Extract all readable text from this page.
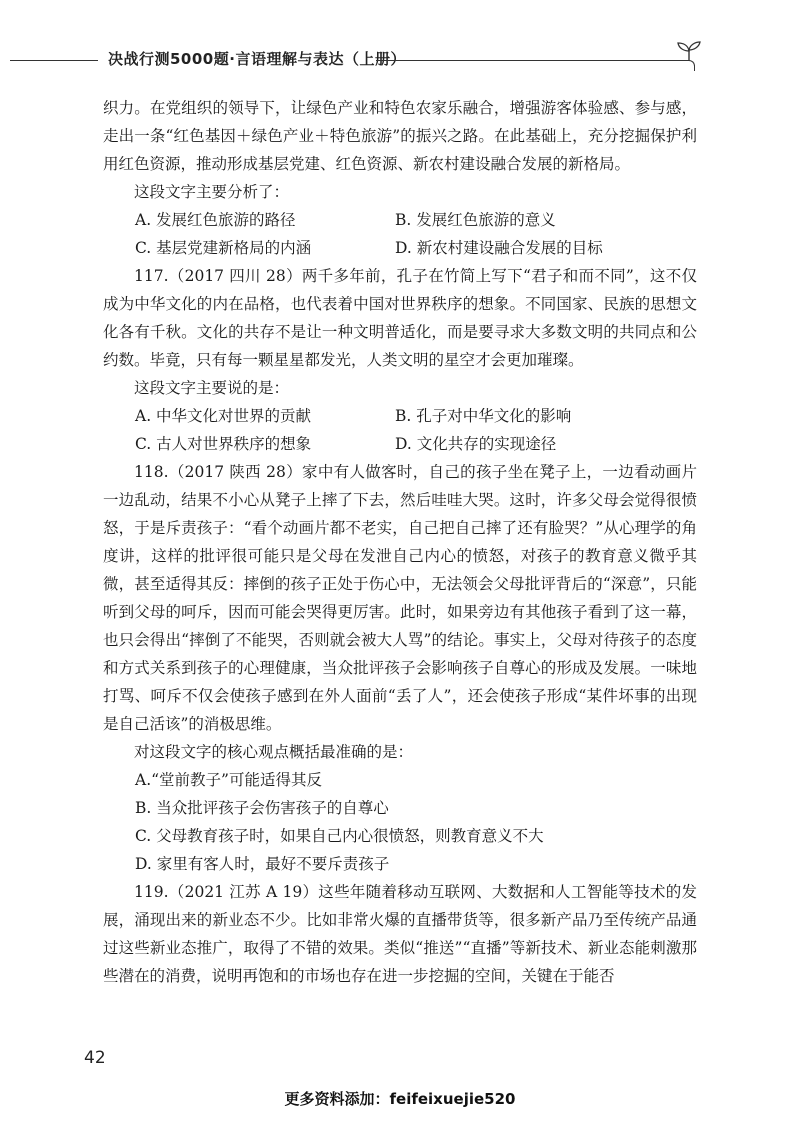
决战行测5000题·言语理解与表达（上册）

织力。在党组织的领导下，让绿色产业和特色农家乐融合，增强游客体验感、参与感，走出一条“红色基因＋绿色产业＋特色旅游”的振兴之路。在此基础上，充分挖掘保护利用红色资源，推动形成基层党建、红色资源、新农村建设融合发展的新格局。

这段文字主要分析了：

A. 发展红色旅游的路径	B. 发展红色旅游的意义
C. 基层党建新格局的内涵	D. 新农村建设融合发展的目标

117.（2017 四川 28）两千多年前，孔子在竹简上写下“君子和而不同”，这不仅成为中华文化的内在品格，也代表着中国对世界秩序的想象。不同国家、民族的思想文化各有千秋。文化的共存不是让一种文明普适化，而是要寻求大多数文明的共同点和公约数。毕竟，只有每一颗星星都发光，人类文明的星空才会更加璀璨。

这段文字主要说的是：

A. 中华文化对世界的贡献	B. 孔子对中华文化的影响
C. 古人对世界秩序的想象	D. 文化共存的实现途径

118.（2017 陕西 28）家中有人做客时，自己的孩子坐在凳子上，一边看动画片一边乱动，结果不小心从凳子上摔了下去，然后哇哇大哭。这时，许多父母会觉得很愤怒，于是斥责孩子：“看个动画片都不老实，自己把自己摔了还有脸哭？”从心理学的角度讲，这样的批评很可能只是父母在发泄自己内心的愤怒，对孩子的教育意义微乎其微，甚至适得其反：摔倒的孩子正处于伤心中，无法领会父母批评背后的“深意”，只能听到父母的呵斥，因而可能会哭得更厉害。此时，如果旁边有其他孩子看到了这一幕，也只会得出“摔倒了不能哭，否则就会被大人骂”的结论。事实上，父母对待孩子的态度和方式关系到孩子的心理健康，当众批评孩子会影响孩子自尊心的形成及发展。一味地打骂、呵斥不仅会使孩子感到在外人面前“丢了人”，还会使孩子形成“某件坏事的出现是自己活该”的消极思维。

对这段文字的核心观点概括最准确的是：

A.“堂前教子”可能适得其反

B. 当众批评孩子会伤害孩子的自尊心

C. 父母教育孩子时，如果自己内心很愤怒，则教育意义不大

D. 家里有客人时，最好不要斥责孩子

119.（2021 江苏 A 19）这些年随着移动互联网、大数据和人工智能等技术的发展，涌现出来的新业态不少。比如非常火爆的直播带货等，很多新产品乃至传统产品通过这些新业态推广，取得了不错的效果。类似“推送”“直播”等新技术、新业态能刺激那些潜在的消费，说明再饱和的市场也存在进一步挖掘的空间，关键在于能否

42
更多资料添加：feifeixuejie520
